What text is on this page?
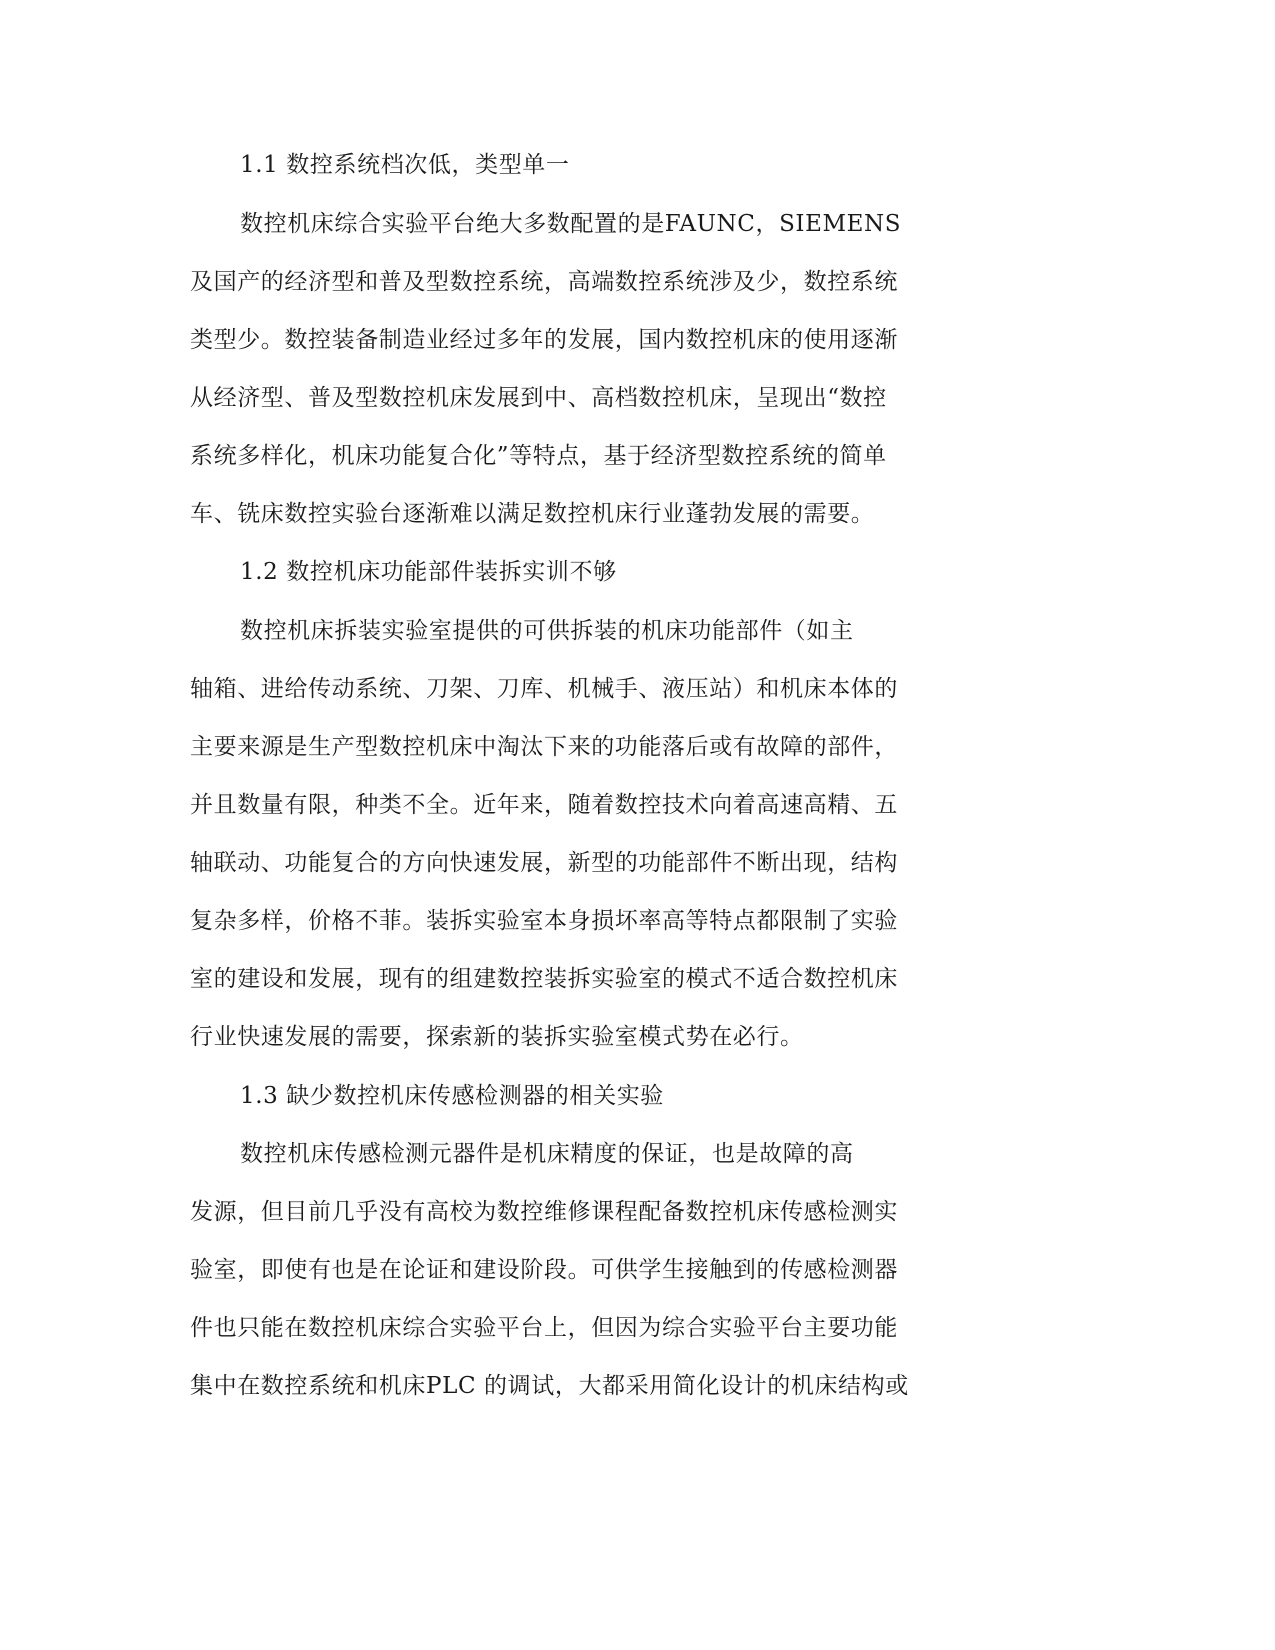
1.1 数控系统档次低，类型单一
数控机床综合实验平台绝大多数配置的是FAUNC，SIEMENS
及国产的经济型和普及型数控系统，高端数控系统涉及少，数控系统
类型少。数控装备制造业经过多年的发展，国内数控机床的使用逐渐
从经济型、普及型数控机床发展到中、高档数控机床，呈现出“数控
系统多样化，机床功能复合化”等特点，基于经济型数控系统的简单
车、铣床数控实验台逐渐难以满足数控机床行业蓬勃发展的需要。
1.2 数控机床功能部件装拆实训不够
数控机床拆装实验室提供的可供拆装的机床功能部件（如主
轴箱、进给传动系统、刀架、刀库、机械手、液压站）和机床本体的
主要来源是生产型数控机床中淘汰下来的功能落后或有故障的部件，
并且数量有限，种类不全。近年来，随着数控技术向着高速高精、五
轴联动、功能复合的方向快速发展，新型的功能部件不断出现，结构
复杂多样，价格不菲。装拆实验室本身损坏率高等特点都限制了实验
室的建设和发展，现有的组建数控装拆实验室的模式不适合数控机床
行业快速发展的需要，探索新的装拆实验室模式势在必行。
1.3 缺少数控机床传感检测器的相关实验
数控机床传感检测元器件是机床精度的保证，也是故障的高
发源，但目前几乎没有高校为数控维修课程配备数控机床传感检测实
验室，即使有也是在论证和建设阶段。可供学生接触到的传感检测器
件也只能在数控机床综合实验平台上，但因为综合实验平台主要功能
集中在数控系统和机床PLC 的调试，大都采用简化设计的机床结构或
